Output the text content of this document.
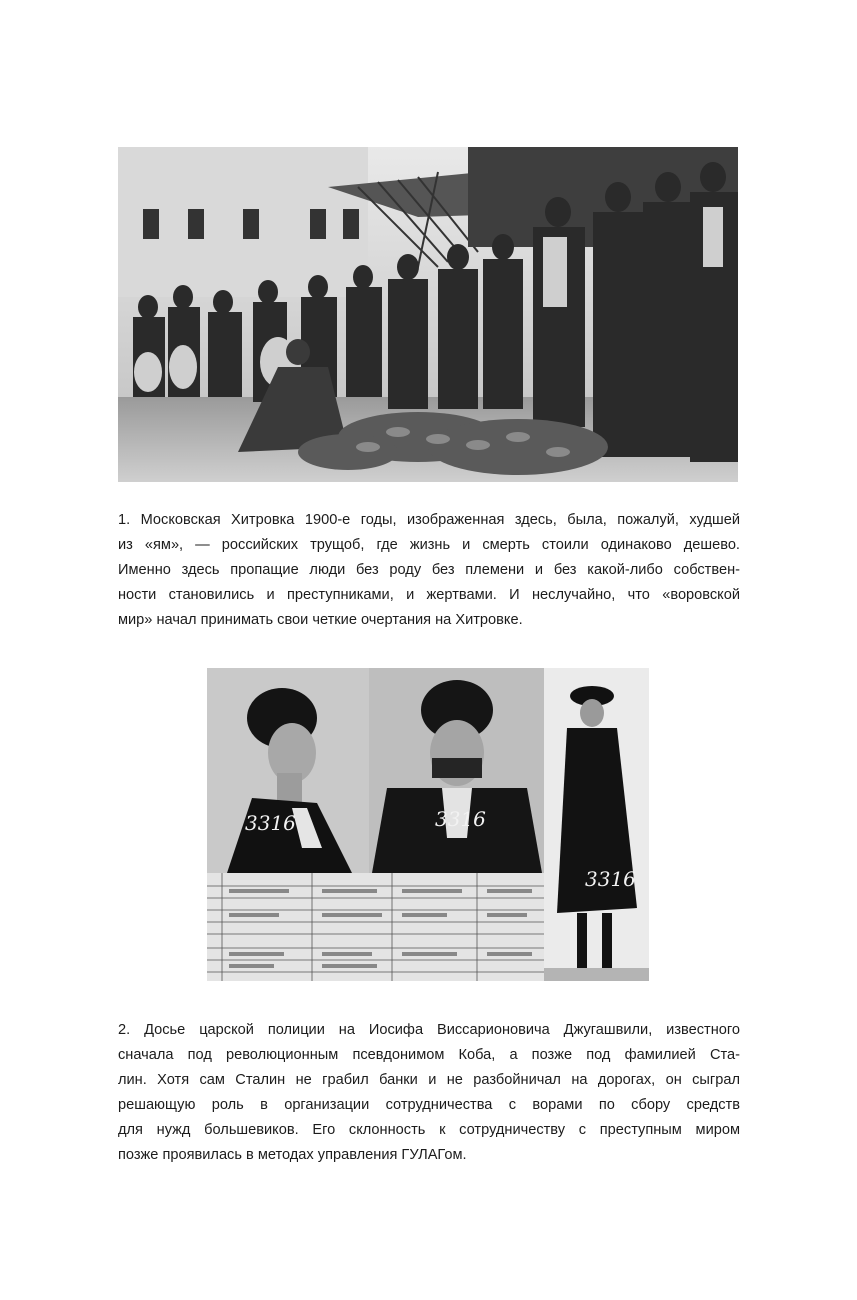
1. Московская Хитровка 1900-е годы, изображенная здесь, была, пожалуй, худшей
из «ям», — российских трущоб, где жизнь и смерть стоили одинаково дешево.
Именно здесь пропащие люди без роду без племени и без какой-либо собствен-
ности становились и преступниками, и жертвами. И неслучайно, что «воровской
мир» начал принимать свои четкие очертания на Хитровке.

3316	3316
3316

2. Досье царской полиции на Иосифа Виссарионовича Джугашвили, известного
сначала под революционным псевдонимом Коба, а позже под фамилией Ста-
лин. Хотя сам Сталин не грабил банки и не разбойничал на дорогах, он сыграл
решающую роль в организации сотрудничества с ворами по сбору средств
для нужд большевиков. Его склонность к сотрудничеству с преступным миром
позже проявилась в методах управления ГУЛАГом.
